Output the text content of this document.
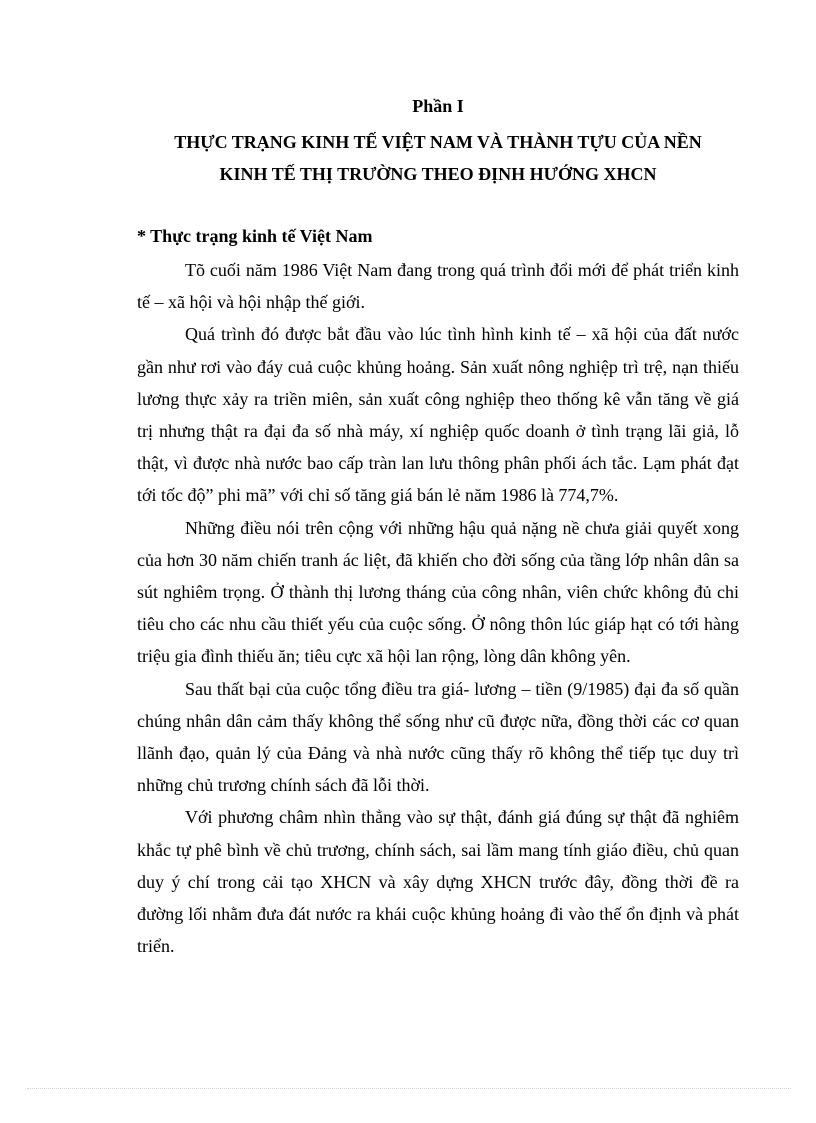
Phần I
THỰC TRẠNG KINH TẾ VIỆT NAM VÀ THÀNH TỰU CỦA NỀN
KINH TẾ THỊ TRƯỜNG THEO ĐỊNH HƯỚNG XHCN
* Thực trạng kinh tế Việt Nam

Tõ cuối năm 1986 Việt Nam đang trong quá trình đổi mới để phát triển kinh tế – xã hội và hội nhập thế giới.

Quá trình đó được bắt đầu vào lúc tình hình kinh tế – xã hội của đất nước gần như rơi vào đáy cuả cuộc khủng hoảng. Sản xuất nông nghiệp trì trệ, nạn thiếu lương thực xảy ra triền miên, sản xuất công nghiệp theo thống kê vẫn tăng về giá trị nhưng thật ra đại đa số nhà máy, xí nghiệp quốc doanh ở tình trạng lãi giả, lỗ thật, vì được nhà nước bao cấp tràn lan lưu thông phân phối ách tắc. Lạm phát đạt tới tốc độ” phi mã” với chỉ số tăng giá bán lẻ năm 1986 là 774,7%.

Những điều nói trên cộng với những hậu quả nặng nề chưa giải quyết xong của hơn 30 năm chiến tranh ác liệt, đã khiến cho đời sống của tầng lớp nhân dân sa sút nghiêm trọng. Ở thành thị lương tháng của công nhân, viên chức không đủ chi tiêu cho các nhu cầu thiết yếu của cuộc sống. Ở nông thôn lúc giáp hạt có tới hàng triệu gia đình thiếu ăn; tiêu cực xã hội lan rộng, lòng dân không yên.

Sau thất bại của cuộc tổng điều tra giá- lương – tiền (9/1985) đại đa số quần chúng nhân dân cảm thấy không thể sống như cũ được nữa, đồng thời các cơ quan llãnh đạo, quản lý của Đảng và nhà nước cũng thấy rõ không thể tiếp tục duy trì những chủ trương chính sách đã lỗi thời.

Với phương châm nhìn thẳng vào sự thật, đánh giá đúng sự thật đã nghiêm khắc tự phê bình về chủ trương, chính sách, sai lầm mang tính giáo điều, chủ quan duy ý chí trong cải tạo XHCN và xây dựng XHCN trước đây, đồng thời đề ra đường lối nhằm đưa đát nước ra khái cuộc khủng hoảng đi vào thế ổn định và phát triển.
